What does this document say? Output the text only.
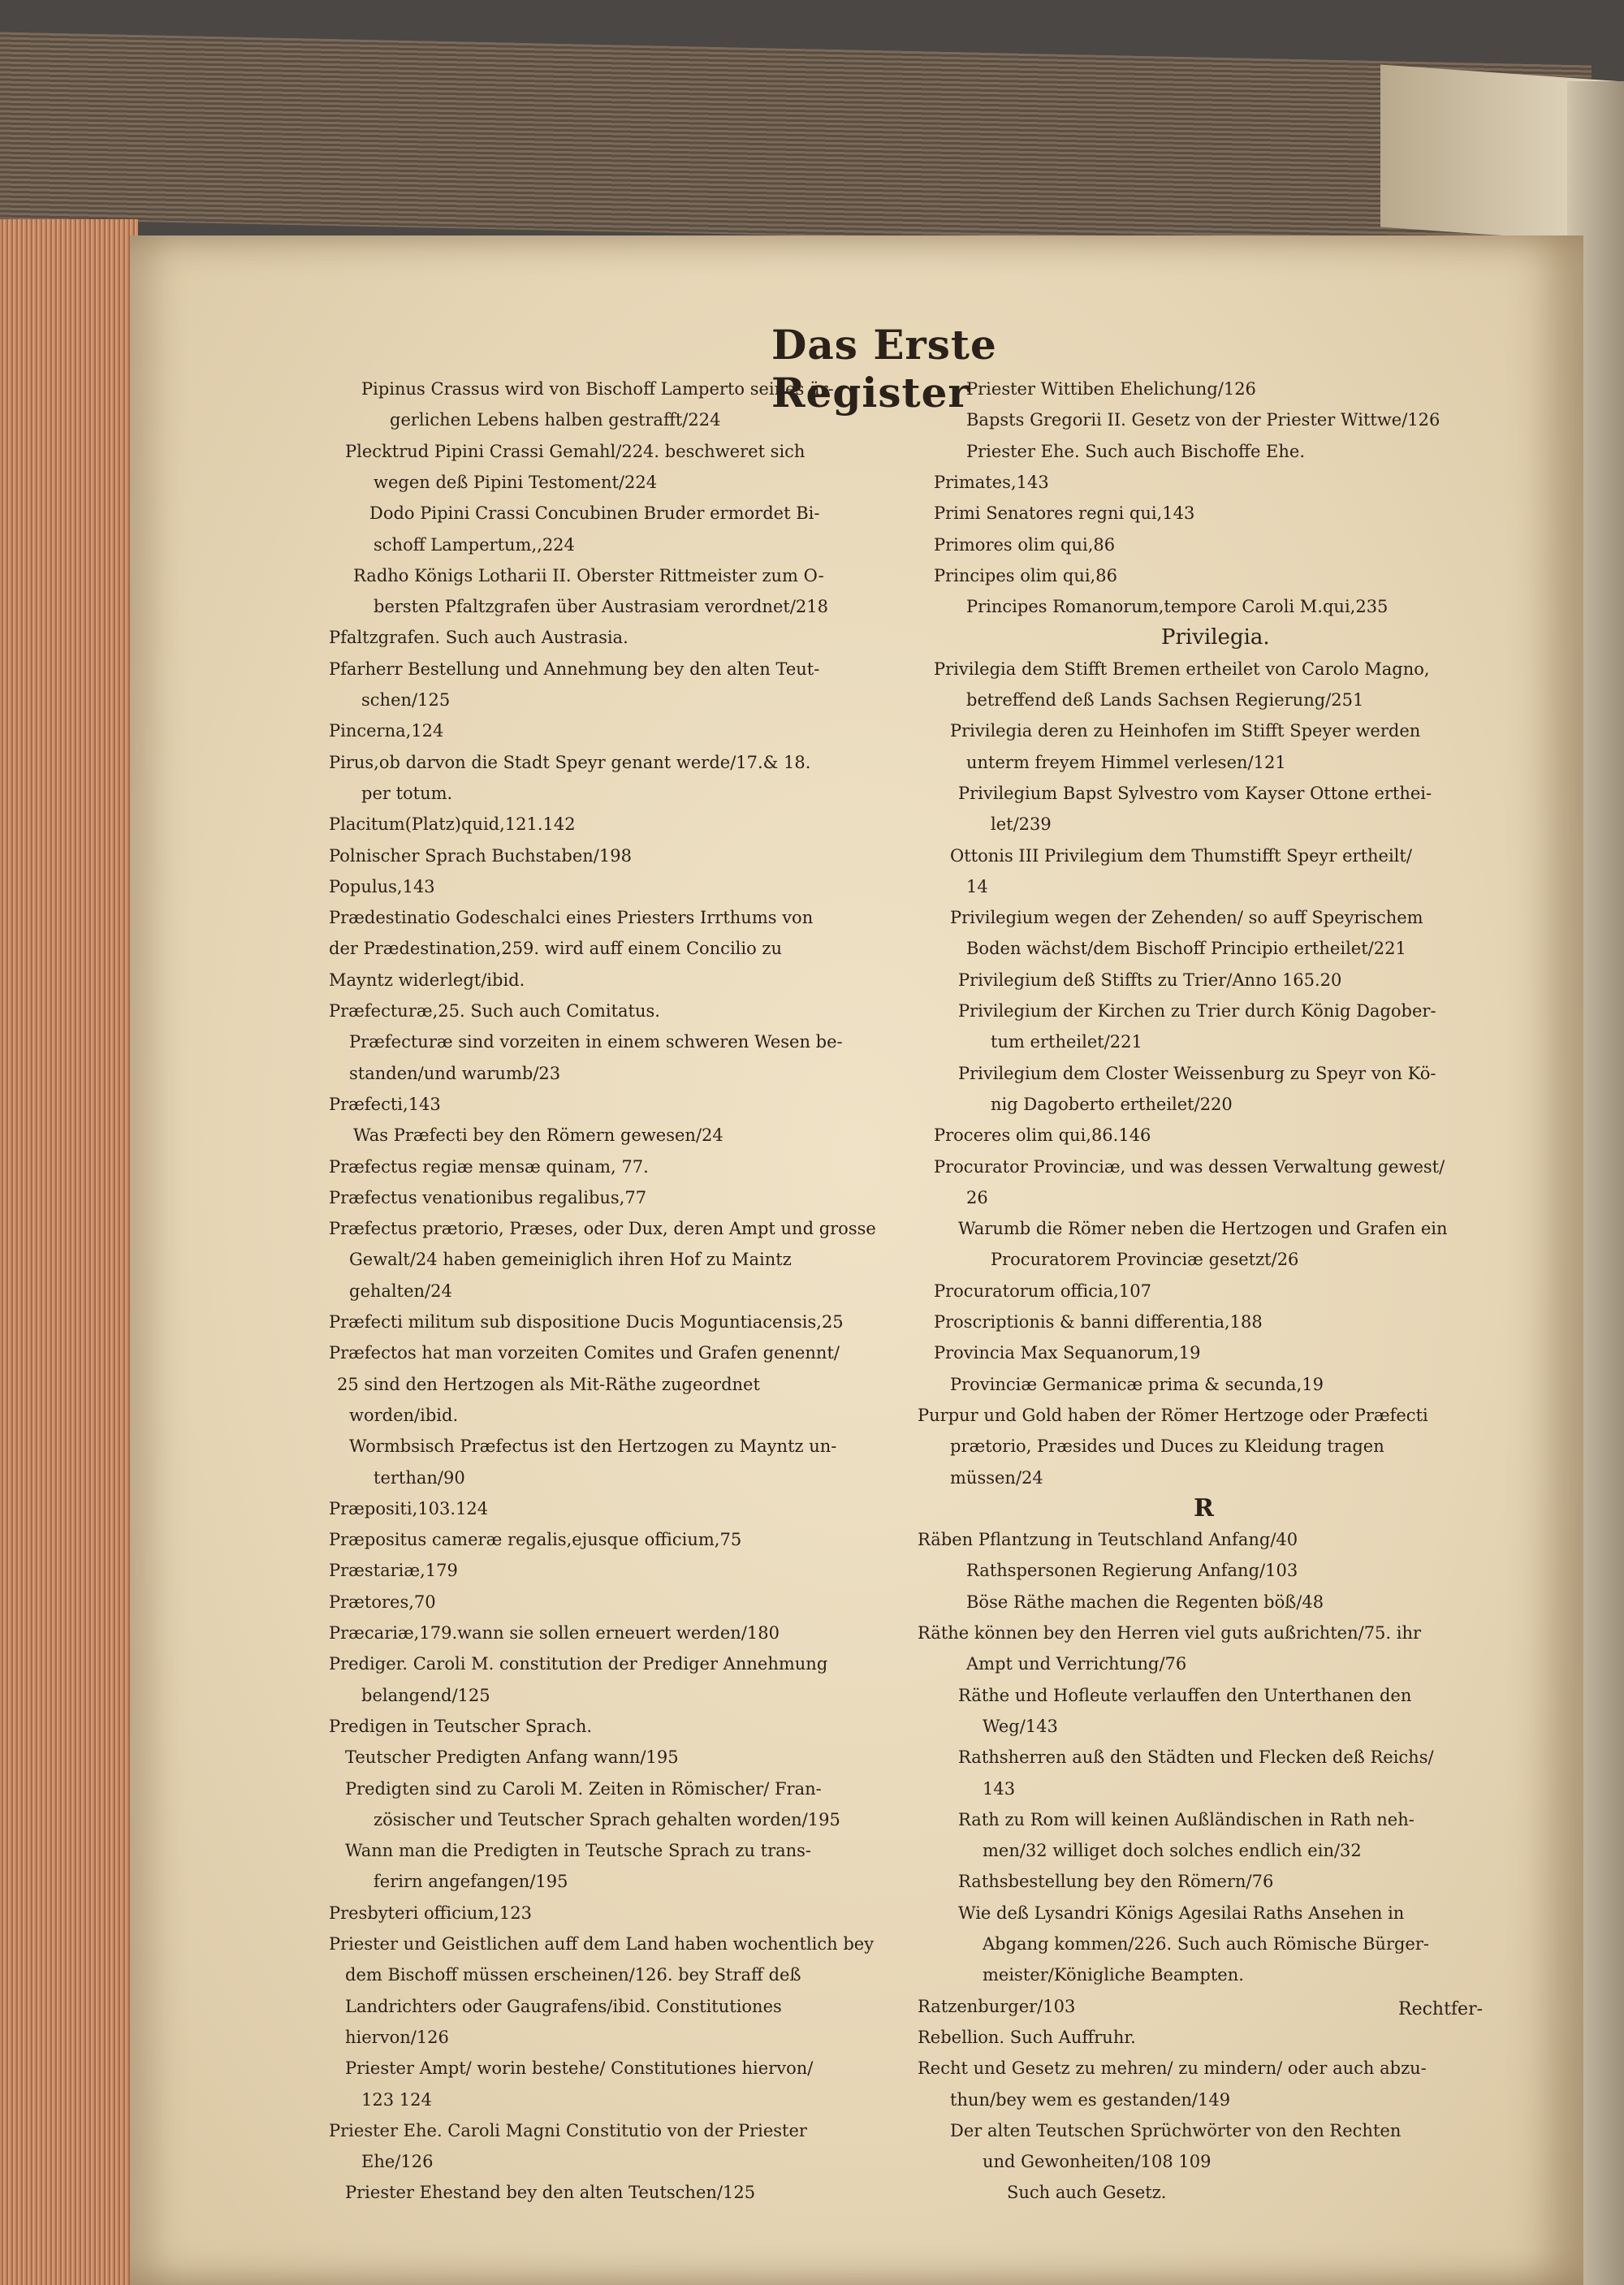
Das Erste Register
Pipinus Crassus wird von Bischoff Lamperto seines är-
gerlichen Lebens halben gestrafft/224
Plecktrud Pipini Crassi Gemahl/224. beschweret sich
wegen deß Pipini Testoment/224
Dodo Pipini Crassi Concubinen Bruder ermordet Bi-
schoff Lampertum,,224
Radho Königs Lotharii II. Oberster Rittmeister zum O-
bersten Pfaltzgrafen über Austrasiam verordnet/218
Pfaltzgrafen. Such auch Austrasia.
Pfarherr Bestellung und Annehmung bey den alten Teut-
schen/125
Pincerna,124
Pirus,ob darvon die Stadt Speyr genant werde/17.& 18.
per totum.
Placitum(Platz)quid,121.142
Polnischer Sprach Buchstaben/198
Populus,143
Prædestinatio Godeschalci eines Priesters Irrthums von
der Prædestination,259. wird auff einem Concilio zu
Mayntz widerlegt/ibid.
Præfecturæ,25. Such auch Comitatus.
Præfecturæ sind vorzeiten in einem schweren Wesen be-
standen/und warumb/23
Præfecti,143
Was Præfecti bey den Römern gewesen/24
Præfectus regiæ mensæ quinam, 77.
Præfectus venationibus regalibus,77
Præfectus prætorio, Præses, oder Dux, deren Ampt und grosse
Gewalt/24 haben gemeiniglich ihren Hof zu Maintz
gehalten/24
Præfecti militum sub dispositione Ducis Moguntiacensis,25
Præfectos hat man vorzeiten Comites und Grafen genennt/
25 sind den Hertzogen als Mit-Räthe zugeordnet
worden/ibid.
Wormbsisch Præfectus ist den Hertzogen zu Mayntz un-
terthan/90
Præpositi,103.124
Præpositus cameræ regalis,ejusque officium,75
Præstariæ,179
Prætores,70
Præcariæ,179.wann sie sollen erneuert werden/180
Prediger. Caroli M. constitution der Prediger Annehmung
belangend/125
Predigen in Teutscher Sprach.
Teutscher Predigten Anfang wann/195
Predigten sind zu Caroli M. Zeiten in Römischer/ Fran-
zösischer und Teutscher Sprach gehalten worden/195
Wann man die Predigten in Teutsche Sprach zu trans-
ferirn angefangen/195
Presbyteri officium,123
Priester und Geistlichen auff dem Land haben wochentlich bey
dem Bischoff müssen erscheinen/126. bey Straff deß
Landrichters oder Gaugrafens/ibid. Constitutiones
hiervon/126
Priester Ampt/ worin bestehe/ Constitutiones hiervon/
123 124
Priester Ehe. Caroli Magni Constitutio von der Priester
Ehe/126
Priester Ehestand bey den alten Teutschen/125
Priester Wittiben Ehelichung/126
Bapsts Gregorii II. Gesetz von der Priester Wittwe/126
Priester Ehe. Such auch Bischoffe Ehe.
Primates,143
Primi Senatores regni qui,143
Primores olim qui,86
Principes olim qui,86
Principes Romanorum,tempore Caroli M.qui,235
Privilegia.
Privilegia dem Stifft Bremen ertheilet von Carolo Magno,
betreffend deß Lands Sachsen Regierung/251
Privilegia deren zu Heinhofen im Stifft Speyer werden
unterm freyem Himmel verlesen/121
Privilegium Bapst Sylvestro vom Kayser Ottone erthei-
let/239
Ottonis III Privilegium dem Thumstifft Speyr ertheilt/
14
Privilegium wegen der Zehenden/ so auff Speyrischem
Boden wächst/dem Bischoff Principio ertheilet/221
Privilegium deß Stiffts zu Trier/Anno 165.20
Privilegium der Kirchen zu Trier durch König Dagober-
tum ertheilet/221
Privilegium dem Closter Weissenburg zu Speyr von Kö-
nig Dagoberto ertheilet/220
Proceres olim qui,86.146
Procurator Provinciæ, und was dessen Verwaltung gewest/
26
Warumb die Römer neben die Hertzogen und Grafen ein
Procuratorem Provinciæ gesetzt/26
Procuratorum officia,107
Proscriptionis & banni differentia,188
Provincia Max Sequanorum,19
Provinciæ Germanicæ prima & secunda,19
Purpur und Gold haben der Römer Hertzoge oder Præfecti
prætorio, Præsides und Duces zu Kleidung tragen
müssen/24
R
Räben Pflantzung in Teutschland Anfang/40
Rathspersonen Regierung Anfang/103
Böse Räthe machen die Regenten böß/48
Räthe können bey den Herren viel guts außrichten/75. ihr
Ampt und Verrichtung/76
Räthe und Hofleute verlauffen den Unterthanen den
Weg/143
Rathsherren auß den Städten und Flecken deß Reichs/
143
Rath zu Rom will keinen Außländischen in Rath neh-
men/32 williget doch solches endlich ein/32
Rathsbestellung bey den Römern/76
Wie deß Lysandri Königs Agesilai Raths Ansehen in
Abgang kommen/226. Such auch Römische Bürger-
meister/Königliche Beampten.
Ratzenburger/103
Rebellion. Such Auffruhr.
Recht und Gesetz zu mehren/ zu mindern/ oder auch abzu-
thun/bey wem es gestanden/149
Der alten Teutschen Sprüchwörter von den Rechten
und Gewonheiten/108 109
Such auch Gesetz.
Rechtfer-
